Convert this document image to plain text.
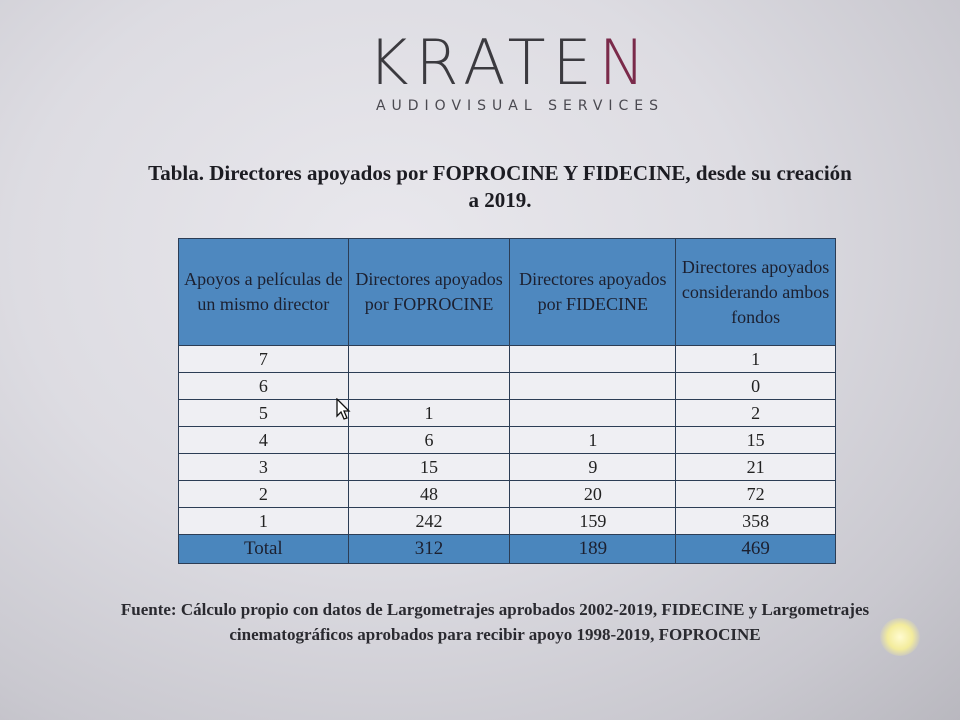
KRATEN
AUDIOVISUAL SERVICES
Tabla. Directores apoyados por FOPROCINE Y FIDECINE, desde su creación
a 2019.
Apoyos a películas de un mismo director	Directores apoyados por FOPROCINE	Directores apoyados por FIDECINE	Directores apoyados considerando ambos fondos
7			1
6			0
5	1		2
4	6	1	15
3	15	9	21
2	48	20	72
1	242	159	358
Total	312	189	469
Fuente: Cálculo propio con datos de Largometrajes aprobados 2002-2019, FIDECINE y Largometrajes
cinematográficos aprobados para recibir apoyo 1998-2019, FOPROCINE
